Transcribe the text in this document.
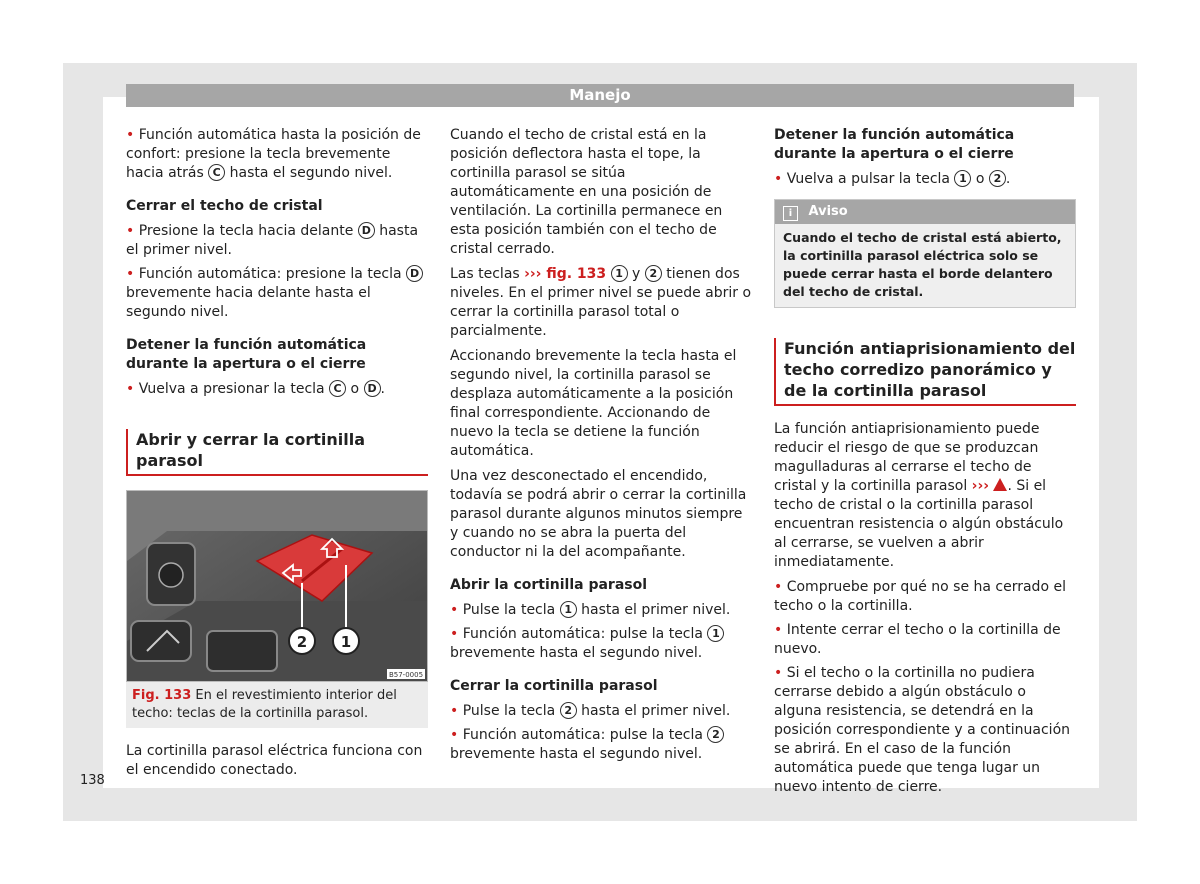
Manejo
• Función automática hasta la posición de confort: presione la tecla brevemente hacia atrás C hasta el segundo nivel.
Cerrar el techo de cristal
• Presione la tecla hacia delante D hasta el primer nivel.
• Función automática: presione la tecla D brevemente hacia delante hasta el segundo nivel.
Detener la función automática durante la apertura o el cierre
• Vuelva a presionar la tecla C o D .
Abrir y cerrar la cortinilla parasol
2 1
B57-0005
Fig. 133 En el revestimiento interior del techo: teclas de la cortinilla parasol.

La cortinilla parasol eléctrica funciona con el encendido conectado.

Cuando el techo de cristal está en la posición deflectora hasta el tope, la cortinilla parasol se sitúa automáticamente en una posición de ventilación. La cortinilla permanece en esta posición también con el techo de cristal cerrado.

Las teclas ››› fig. 133 1 y 2 tienen dos niveles. En el primer nivel se puede abrir o cerrar la cortinilla parasol total o parcialmente.

Accionando brevemente la tecla hasta el segundo nivel, la cortinilla parasol se desplaza automáticamente a la posición final correspondiente. Accionando de nuevo la tecla se detiene la función automática.

Una vez desconectado el encendido, todavía se podrá abrir o cerrar la cortinilla parasol durante algunos minutos siempre y cuando no se abra la puerta del conductor ni la del acompañante.

Abrir la cortinilla parasol
• Pulse la tecla 1 hasta el primer nivel.
• Función automática: pulse la tecla 1 brevemente hasta el segundo nivel.
Cerrar la cortinilla parasol
• Pulse la tecla 2 hasta el primer nivel.
• Función automática: pulse la tecla 2 brevemente hasta el segundo nivel.
Detener la función automática durante la apertura o el cierre
• Vuelva a pulsar la tecla 1 o 2 .
i Aviso
Cuando el techo de cristal está abierto, la cortinilla parasol eléctrica solo se puede cerrar hasta el borde delantero del techo de cristal.
Función antiaprisionamiento del techo corredizo panorámico y de la cortinilla parasol

La función antiaprisionamiento puede reducir el riesgo de que se produzcan magulladuras al cerrarse el techo de cristal y la cortinilla parasol ››› . Si el techo de cristal o la cortinilla parasol encuentran resistencia o algún obstáculo al cerrarse, se vuelven a abrir inmediatamente.

• Compruebe por qué no se ha cerrado el techo o la cortinilla.
• Intente cerrar el techo o la cortinilla de nuevo.
• Si el techo o la cortinilla no pudiera cerrarse debido a algún obstáculo o alguna resistencia, se detendrá en la posición correspondiente y a continuación se abrirá. En el caso de la función automática puede que tenga lugar un nuevo intento de cierre.
138
